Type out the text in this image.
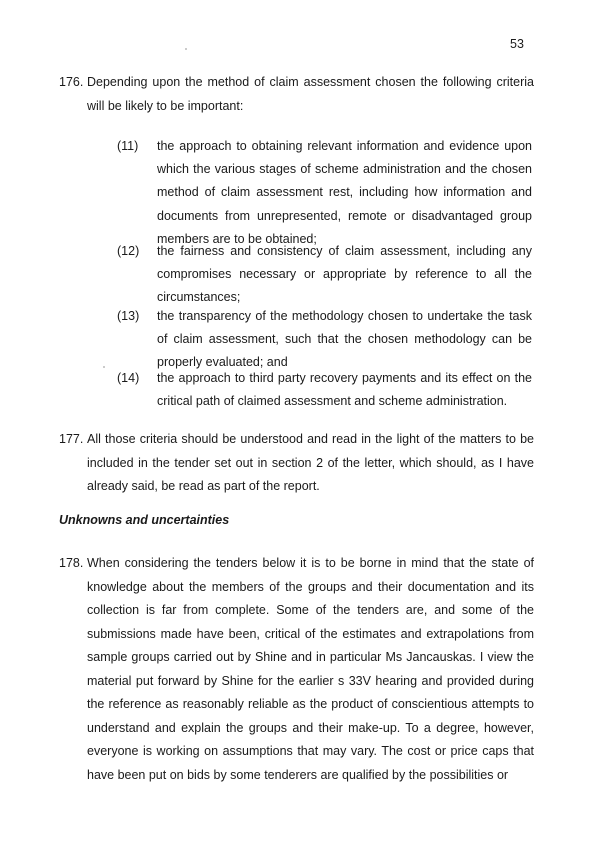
53
176. Depending upon the method of claim assessment chosen the following criteria will be likely to be important:
(11) the approach to obtaining relevant information and evidence upon which the various stages of scheme administration and the chosen method of claim assessment rest, including how information and documents from unrepresented, remote or disadvantaged group members are to be obtained;
(12) the fairness and consistency of claim assessment, including any compromises necessary or appropriate by reference to all the circumstances;
(13) the transparency of the methodology chosen to undertake the task of claim assessment, such that the chosen methodology can be properly evaluated; and
(14) the approach to third party recovery payments and its effect on the critical path of claimed assessment and scheme administration.
177. All those criteria should be understood and read in the light of the matters to be included in the tender set out in section 2 of the letter, which should, as I have already said, be read as part of the report.
Unknowns and uncertainties
178. When considering the tenders below it is to be borne in mind that the state of knowledge about the members of the groups and their documentation and its collection is far from complete. Some of the tenders are, and some of the submissions made have been, critical of the estimates and extrapolations from sample groups carried out by Shine and in particular Ms Jancauskas. I view the material put forward by Shine for the earlier s 33V hearing and provided during the reference as reasonably reliable as the product of conscientious attempts to understand and explain the groups and their make-up. To a degree, however, everyone is working on assumptions that may vary. The cost or price caps that have been put on bids by some tenderers are qualified by the possibilities or
